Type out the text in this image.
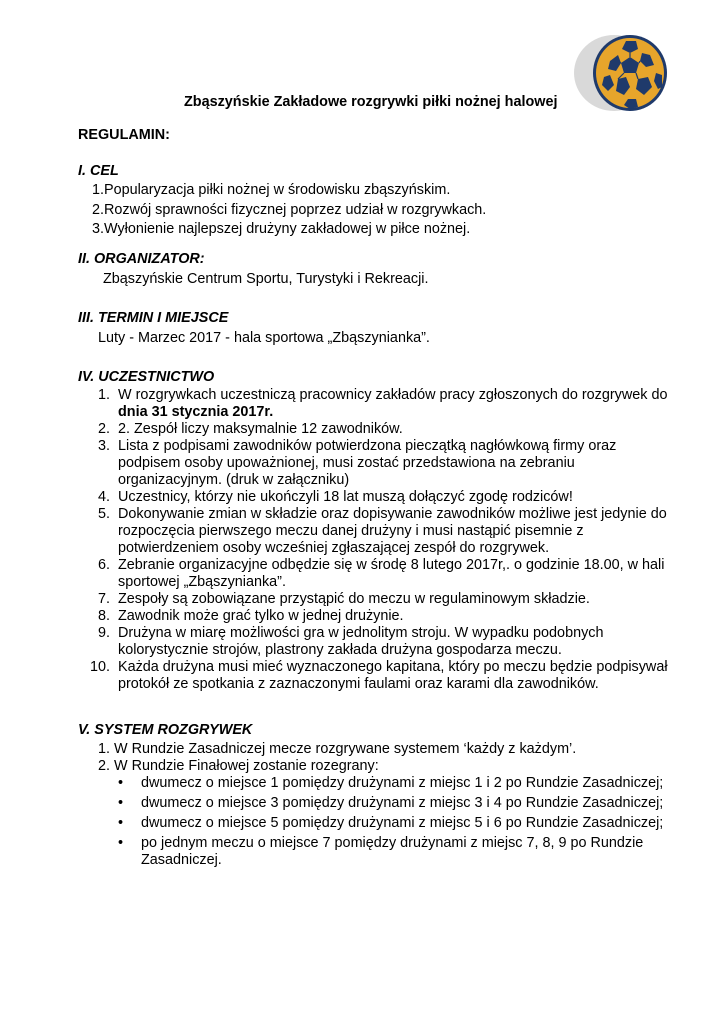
Zbąszyńskie Zakładowe rozgrywki piłki nożnej halowej
REGULAMIN:
I. CEL
1.Popularyzacja piłki nożnej w środowisku zbąszyńskim.
2.Rozwój sprawności fizycznej poprzez udział w rozgrywkach.
3.Wyłonienie najlepszej drużyny zakładowej w piłce nożnej.
II. ORGANIZATOR:
Zbąszyńskie Centrum Sportu, Turystyki i Rekreacji.
III. TERMIN I MIEJSCE
Luty - Marzec 2017 - hala sportowa „Zbąszynianka”.
IV. UCZESTNICTWO
1. W rozgrywkach uczestniczą pracownicy zakładów pracy zgłoszonych do rozgrywek do dnia 31 stycznia 2017r.
2. 2. Zespół liczy maksymalnie 12 zawodników.
3. Lista z podpisami zawodników potwierdzona pieczątką nagłówkową firmy oraz podpisem osoby upoważnionej, musi zostać przedstawiona na zebraniu organizacyjnym. (druk w załączniku)
4. Uczestnicy, którzy nie ukończyli 18 lat muszą dołączyć zgodę rodziców!
5. Dokonywanie zmian w składzie oraz dopisywanie zawodników możliwe jest jedynie do rozpoczęcia pierwszego meczu danej drużyny i musi nastąpić pisemnie z potwierdzeniem osoby wcześniej zgłaszającej zespół do rozgrywek.
6. Zebranie organizacyjne odbędzie się w środę 8 lutego 2017r,. o godzinie 18.00, w hali sportowej „Zbąszynianka”.
7. Zespoły są zobowiązane przystąpić do meczu w regulaminowym składzie.
8. Zawodnik może grać tylko w jednej drużynie.
9. Drużyna w miarę możliwości gra w jednolitym stroju. W wypadku podobnych kolorystycznie strojów, plastrony zakłada drużyna gospodarza meczu.
10. Każda drużyna musi mieć wyznaczonego kapitana, który po meczu będzie podpisywał protokół ze spotkania z zaznaczonymi faulami oraz karami dla zawodników.
V. SYSTEM ROZGRYWEK
1. W Rundzie Zasadniczej mecze rozgrywane systemem ‘każdy z każdym’.
2. W Rundzie Finałowej zostanie rozegrany:
• dwumecz o miejsce 1 pomiędzy drużynami z miejsc 1 i 2 po Rundzie Zasadniczej;
• dwumecz o miejsce 3 pomiędzy drużynami z miejsc 3 i 4 po Rundzie Zasadniczej;
• dwumecz o miejsce 5 pomiędzy drużynami z miejsc 5 i 6 po Rundzie Zasadniczej;
• po jednym meczu o miejsce 7 pomiędzy drużynami z miejsc 7, 8, 9 po Rundzie Zasadniczej.
